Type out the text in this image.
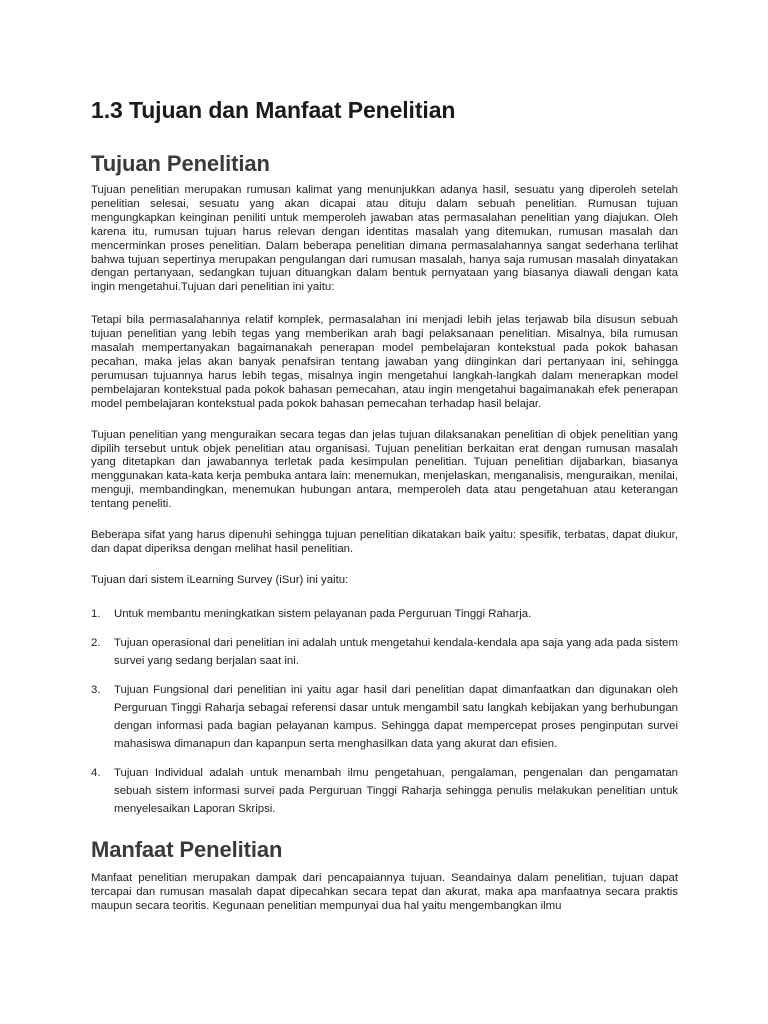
1.3 Tujuan dan Manfaat Penelitian
Tujuan Penelitian

Tujuan penelitian merupakan rumusan kalimat yang menunjukkan adanya hasil, sesuatu yang diperoleh setelah penelitian selesai, sesuatu yang akan dicapai atau dituju dalam sebuah penelitian. Rumusan tujuan mengungkapkan keinginan peniliti untuk memperoleh jawaban atas permasalahan penelitian yang diajukan. Oleh karena itu, rumusan tujuan harus relevan dengan identitas masalah yang ditemukan, rumusan masalah dan mencerminkan proses penelitian. Dalam beberapa penelitian dimana permasalahannya sangat sederhana terlihat bahwa tujuan sepertinya merupakan pengulangan dari rumusan masalah, hanya saja rumusan masalah dinyatakan dengan pertanyaan, sedangkan tujuan dituangkan dalam bentuk pernyataan yang biasanya diawali dengan kata ingin mengetahui.Tujuan dari penelitian ini yaitu:

Tetapi bila permasalahannya relatif komplek, permasalahan ini menjadi lebih jelas terjawab bila disusun sebuah tujuan penelitian yang lebih tegas yang memberikan arah bagi pelaksanaan penelitian. Misalnya, bila rumusan masalah mempertanyakan bagaimanakah penerapan model pembelajaran kontekstual pada pokok bahasan pecahan, maka jelas akan banyak penafsiran tentang jawaban yang diinginkan dari pertanyaan ini, sehingga perumusan tujuannya harus lebih tegas, misalnya ingin mengetahui langkah-langkah dalam menerapkan model pembelajaran kontekstual pada pokok bahasan pemecahan, atau ingin mengetahui bagaimanakah efek penerapan model pembelajaran kontekstual pada pokok bahasan pemecahan terhadap hasil belajar.

Tujuan penelitian yang menguraikan secara tegas dan jelas tujuan dilaksanakan penelitian di objek penelitian yang dipilih tersebut untuk objek penelitian atau organisasi. Tujuan penelitian berkaitan erat dengan rumusan masalah yang ditetapkan dan jawabannya terletak pada kesimpulan penelitian. Tujuan penelitian dijabarkan, biasanya menggunakan kata-kata kerja pembuka antara lain: menemukan, menjelaskan, menganalisis, menguraikan, menilai, menguji, membandingkan, menemukan hubungan antara, memperoleh data atau pengetahuan atau keterangan tentang peneliti.

Beberapa sifat yang harus dipenuhi sehingga tujuan penelitian dikatakan baik yaitu: spesifik, terbatas, dapat diukur, dan dapat diperiksa dengan melihat hasil penelitian.

Tujuan dari sistem iLearning Survey (iSur) ini yaitu:

1. Untuk membantu meningkatkan sistem pelayanan pada Perguruan Tinggi Raharja.
2. Tujuan operasional dari penelitian ini adalah untuk mengetahui kendala-kendala apa saja yang ada pada sistem survei yang sedang berjalan saat ini.
3. Tujuan Fungsional dari penelitian ini yaitu agar hasil dari penelitian dapat dimanfaatkan dan digunakan oleh Perguruan Tinggi Raharja sebagai referensi dasar untuk mengambil satu langkah kebijakan yang berhubungan dengan informasi pada bagian pelayanan kampus. Sehingga dapat mempercepat proses penginputan survei mahasiswa dimanapun dan kapanpun serta menghasilkan data yang akurat dan efisien.
4. Tujuan Individual adalah untuk menambah ilmu pengetahuan, pengalaman, pengenalan dan pengamatan sebuah sistem informasi survei pada Perguruan Tinggi Raharja sehingga penulis melakukan penelitian untuk menyelesaikan Laporan Skripsi.
Manfaat Penelitian

Manfaat penelitian merupakan dampak dari pencapaiannya tujuan. Seandainya dalam penelitian, tujuan dapat tercapai dan rumusan masalah dapat dipecahkan secara tepat dan akurat, maka apa manfaatnya secara praktis maupun secara teoritis. Kegunaan penelitian mempunyai dua hal yaitu mengembangkan ilmu
